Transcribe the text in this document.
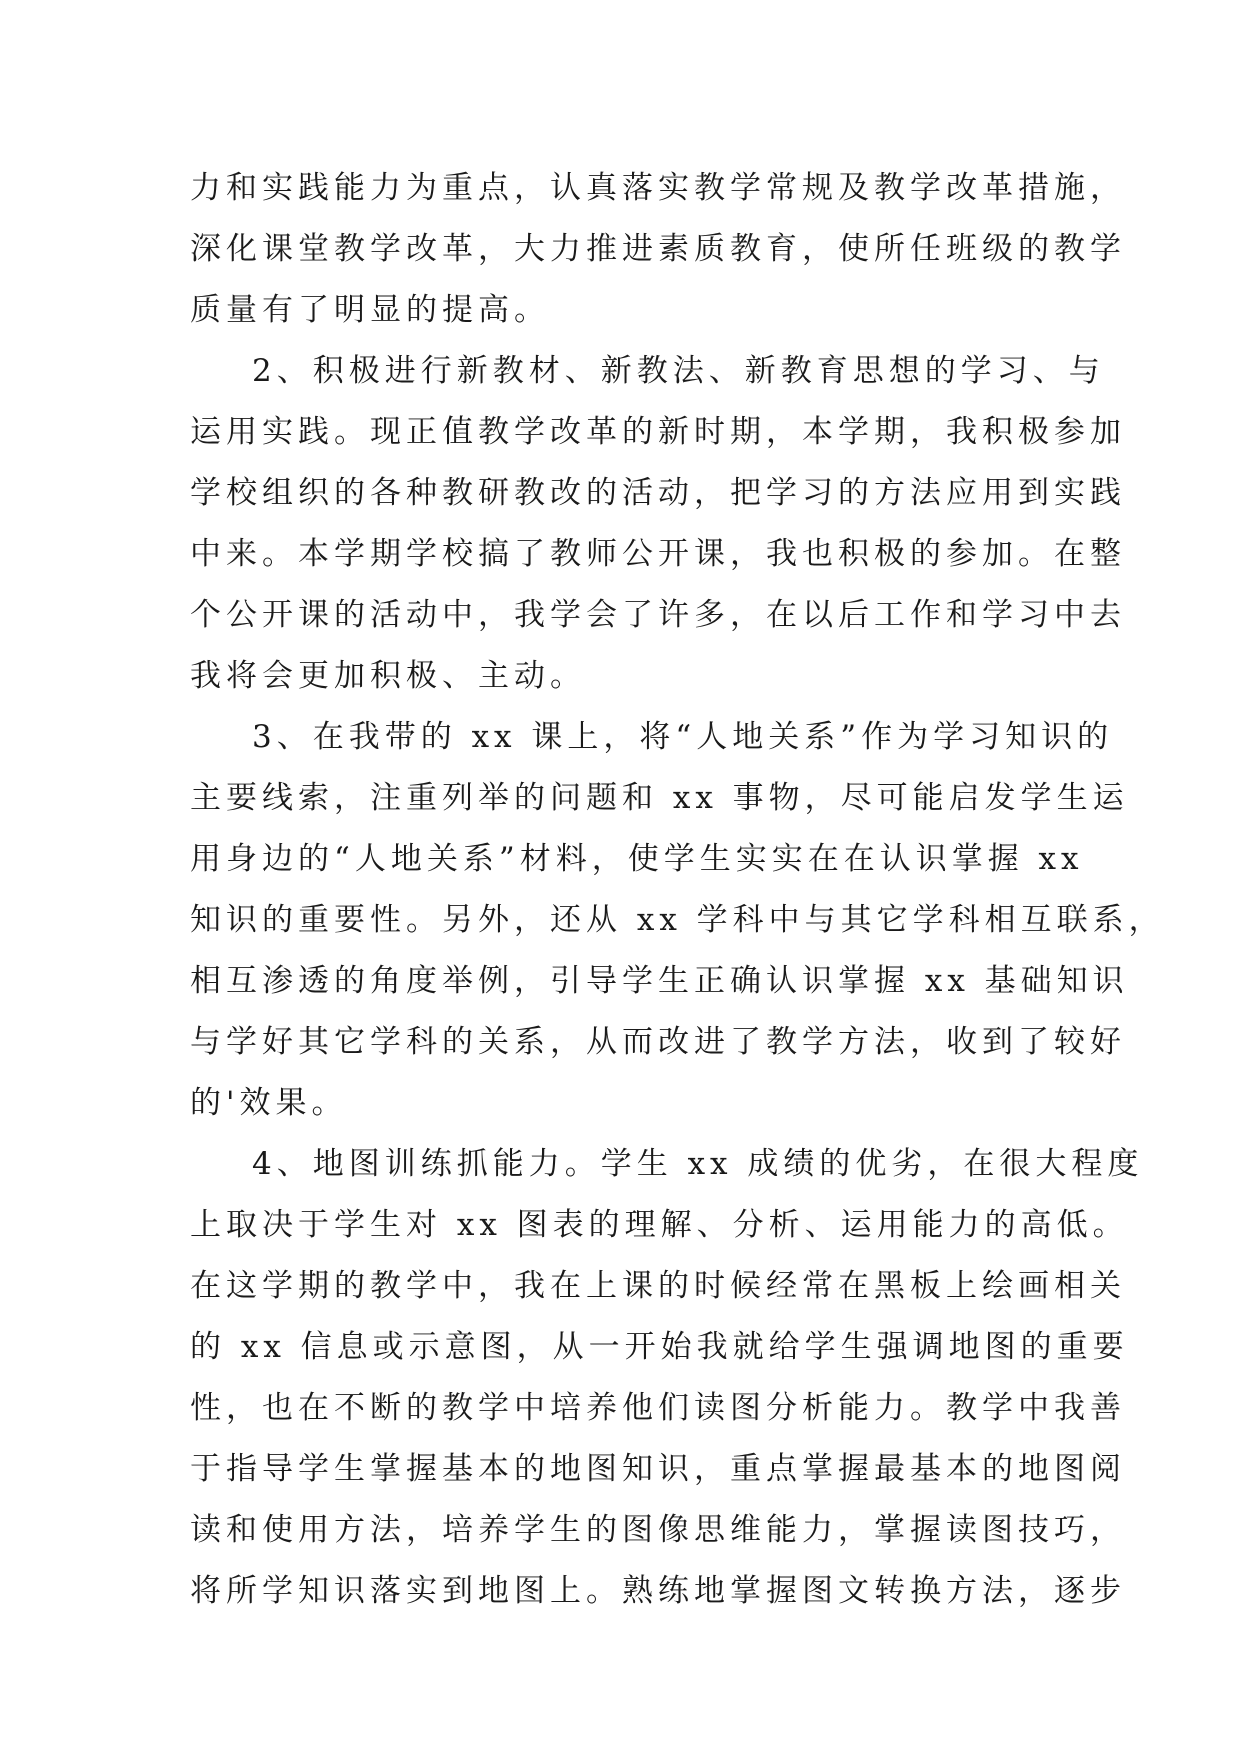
力和实践能力为重点，认真落实教学常规及教学改革措施，
深化课堂教学改革，大力推进素质教育，使所任班级的教学
质量有了明显的提高。
2、积极进行新教材、新教法、新教育思想的学习、与
运用实践。现正值教学改革的新时期，本学期，我积极参加
学校组织的各种教研教改的活动，把学习的方法应用到实践
中来。本学期学校搞了教师公开课，我也积极的参加。在整
个公开课的活动中，我学会了许多，在以后工作和学习中去
我将会更加积极、主动。
3、在我带的 xx 课上，将“人地关系”作为学习知识的
主要线索，注重列举的问题和 xx 事物，尽可能启发学生运
用身边的“人地关系”材料，使学生实实在在认识掌握 xx
知识的重要性。另外，还从 xx 学科中与其它学科相互联系，
相互渗透的角度举例，引导学生正确认识掌握 xx 基础知识
与学好其它学科的关系，从而改进了教学方法，收到了较好
的'效果。
4、地图训练抓能力。学生 xx 成绩的优劣，在很大程度
上取决于学生对 xx 图表的理解、分析、运用能力的高低。
在这学期的教学中，我在上课的时候经常在黑板上绘画相关
的 xx 信息或示意图，从一开始我就给学生强调地图的重要
性，也在不断的教学中培养他们读图分析能力。教学中我善
于指导学生掌握基本的地图知识，重点掌握最基本的地图阅
读和使用方法，培养学生的图像思维能力，掌握读图技巧，
将所学知识落实到地图上。熟练地掌握图文转换方法，逐步
